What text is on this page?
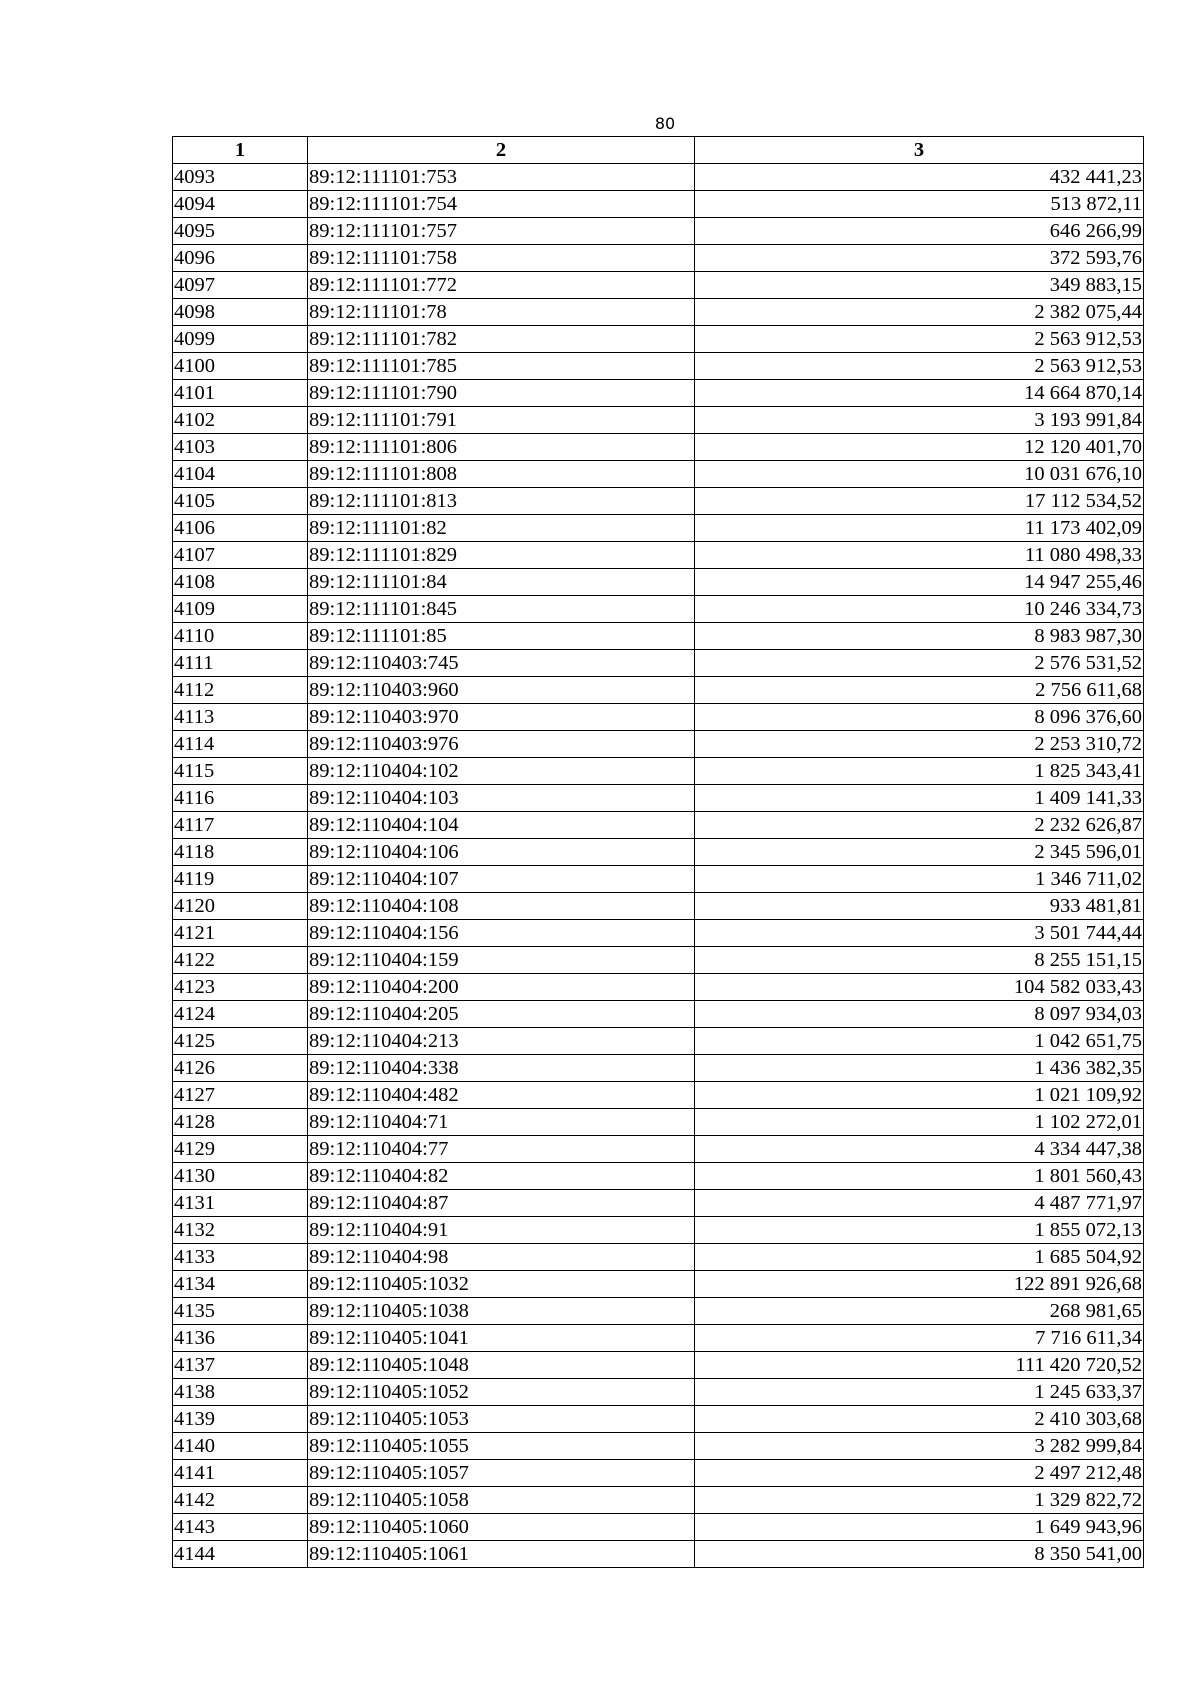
80
1	2	3
4093	89:12:111101:753	432 441,23
4094	89:12:111101:754	513 872,11
4095	89:12:111101:757	646 266,99
4096	89:12:111101:758	372 593,76
4097	89:12:111101:772	349 883,15
4098	89:12:111101:78	2 382 075,44
4099	89:12:111101:782	2 563 912,53
4100	89:12:111101:785	2 563 912,53
4101	89:12:111101:790	14 664 870,14
4102	89:12:111101:791	3 193 991,84
4103	89:12:111101:806	12 120 401,70
4104	89:12:111101:808	10 031 676,10
4105	89:12:111101:813	17 112 534,52
4106	89:12:111101:82	11 173 402,09
4107	89:12:111101:829	11 080 498,33
4108	89:12:111101:84	14 947 255,46
4109	89:12:111101:845	10 246 334,73
4110	89:12:111101:85	8 983 987,30
4111	89:12:110403:745	2 576 531,52
4112	89:12:110403:960	2 756 611,68
4113	89:12:110403:970	8 096 376,60
4114	89:12:110403:976	2 253 310,72
4115	89:12:110404:102	1 825 343,41
4116	89:12:110404:103	1 409 141,33
4117	89:12:110404:104	2 232 626,87
4118	89:12:110404:106	2 345 596,01
4119	89:12:110404:107	1 346 711,02
4120	89:12:110404:108	933 481,81
4121	89:12:110404:156	3 501 744,44
4122	89:12:110404:159	8 255 151,15
4123	89:12:110404:200	104 582 033,43
4124	89:12:110404:205	8 097 934,03
4125	89:12:110404:213	1 042 651,75
4126	89:12:110404:338	1 436 382,35
4127	89:12:110404:482	1 021 109,92
4128	89:12:110404:71	1 102 272,01
4129	89:12:110404:77	4 334 447,38
4130	89:12:110404:82	1 801 560,43
4131	89:12:110404:87	4 487 771,97
4132	89:12:110404:91	1 855 072,13
4133	89:12:110404:98	1 685 504,92
4134	89:12:110405:1032	122 891 926,68
4135	89:12:110405:1038	268 981,65
4136	89:12:110405:1041	7 716 611,34
4137	89:12:110405:1048	111 420 720,52
4138	89:12:110405:1052	1 245 633,37
4139	89:12:110405:1053	2 410 303,68
4140	89:12:110405:1055	3 282 999,84
4141	89:12:110405:1057	2 497 212,48
4142	89:12:110405:1058	1 329 822,72
4143	89:12:110405:1060	1 649 943,96
4144	89:12:110405:1061	8 350 541,00
